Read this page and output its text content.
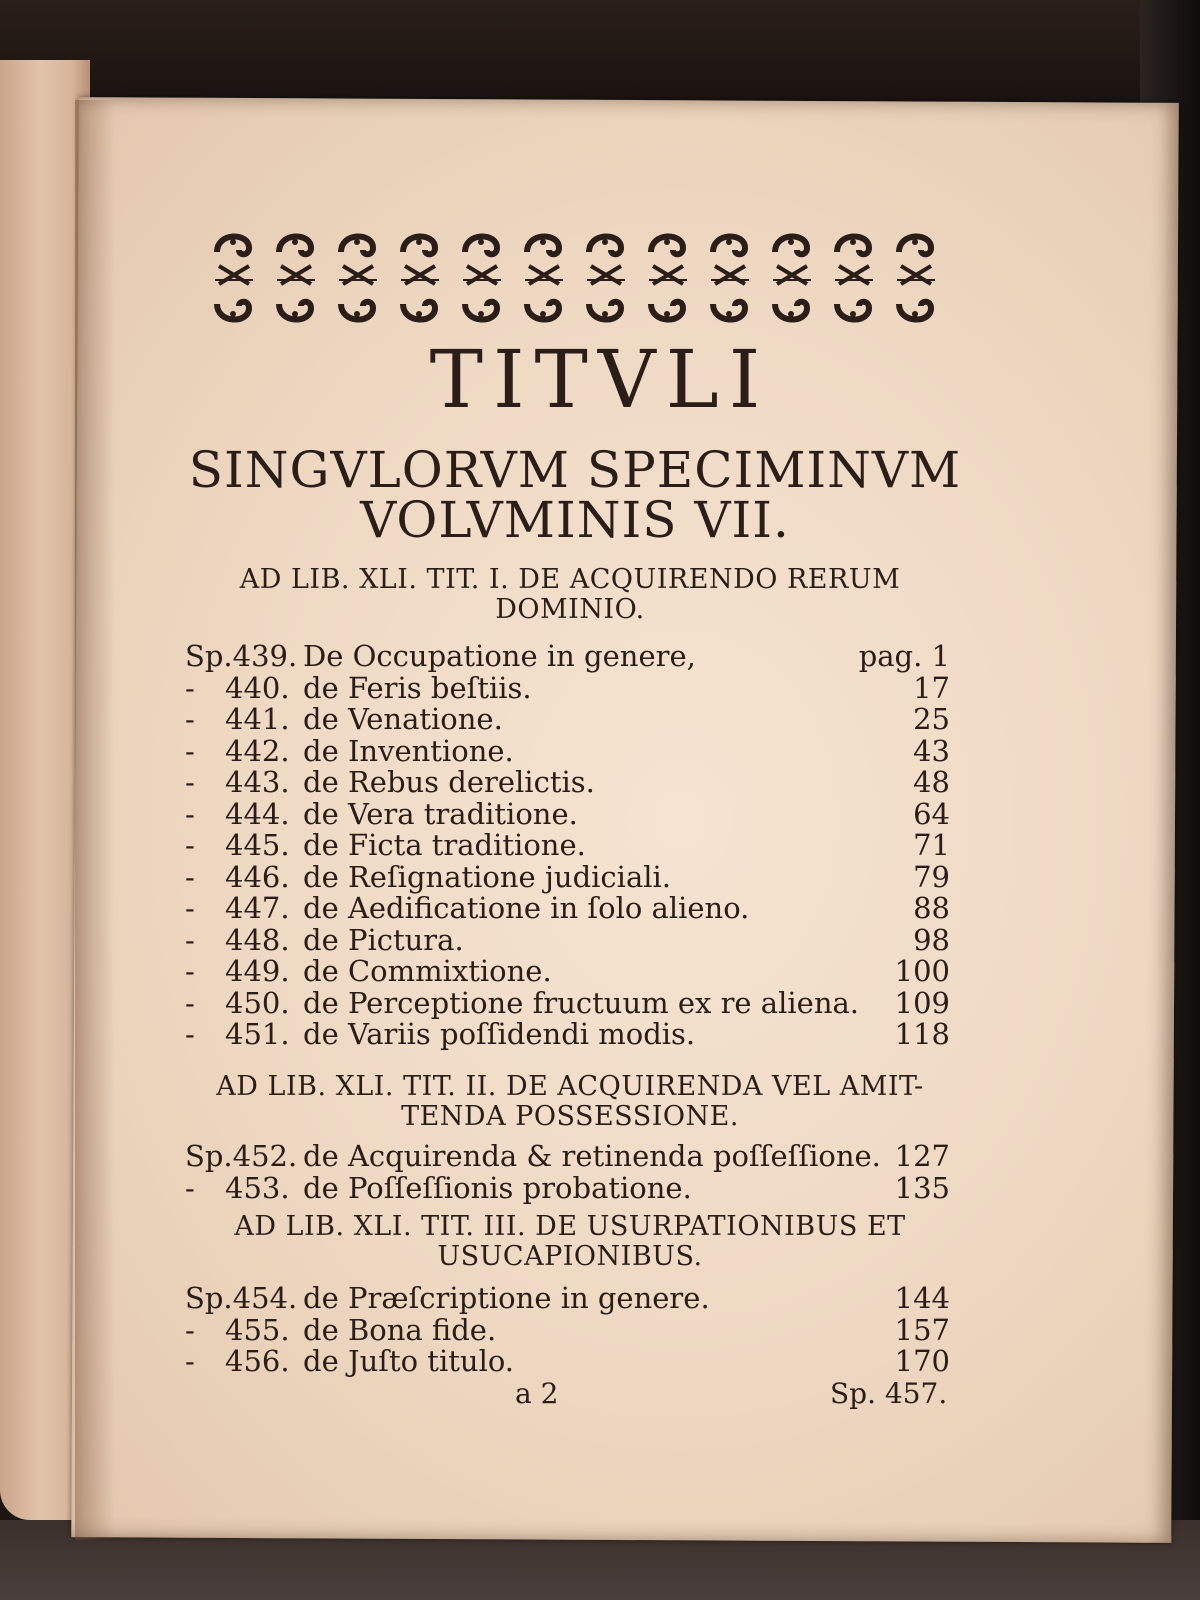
TITVLI
SINGVLORVM SPECIMINVM
VOLVMINIS VII.
AD LIB. XLI. TIT. I. DE ACQUIRENDO RERUM
DOMINIO.
Sp.439. De Occupatione in genere,	pag. 1
- 440. de Feris beſtiis.	17
- 441. de Venatione.	25
- 442. de Inventione.	43
- 443. de Rebus derelictis.	48
- 444. de Vera traditione.	64
- 445. de Ficta traditione.	71
- 446. de Reſignatione judiciali.	79
- 447. de Aedificatione in ſolo alieno.	88
- 448. de Pictura.	98
- 449. de Commixtione.	100
- 450. de Perceptione fructuum ex re aliena. 109
- 451. de Variis poſſidendi modis.	118
Sp.452. de Acquirenda & retinenda poſſeſſione. 127
- 453. de Poſſeſſionis probatione.	135
Sp.454. de Præſcriptione in genere.	144
- 455. de Bona fide.	157
- 456. de Juſto titulo.	170
AD LIB. XLI. TIT. II. DE ACQUIRENDA VEL AMIT-
TENDA POSSESSIONE.
AD LIB. XLI. TIT. III. DE USURPATIONIBUS ET
USUCAPIONIBUS.
a 2	Sp. 457.
